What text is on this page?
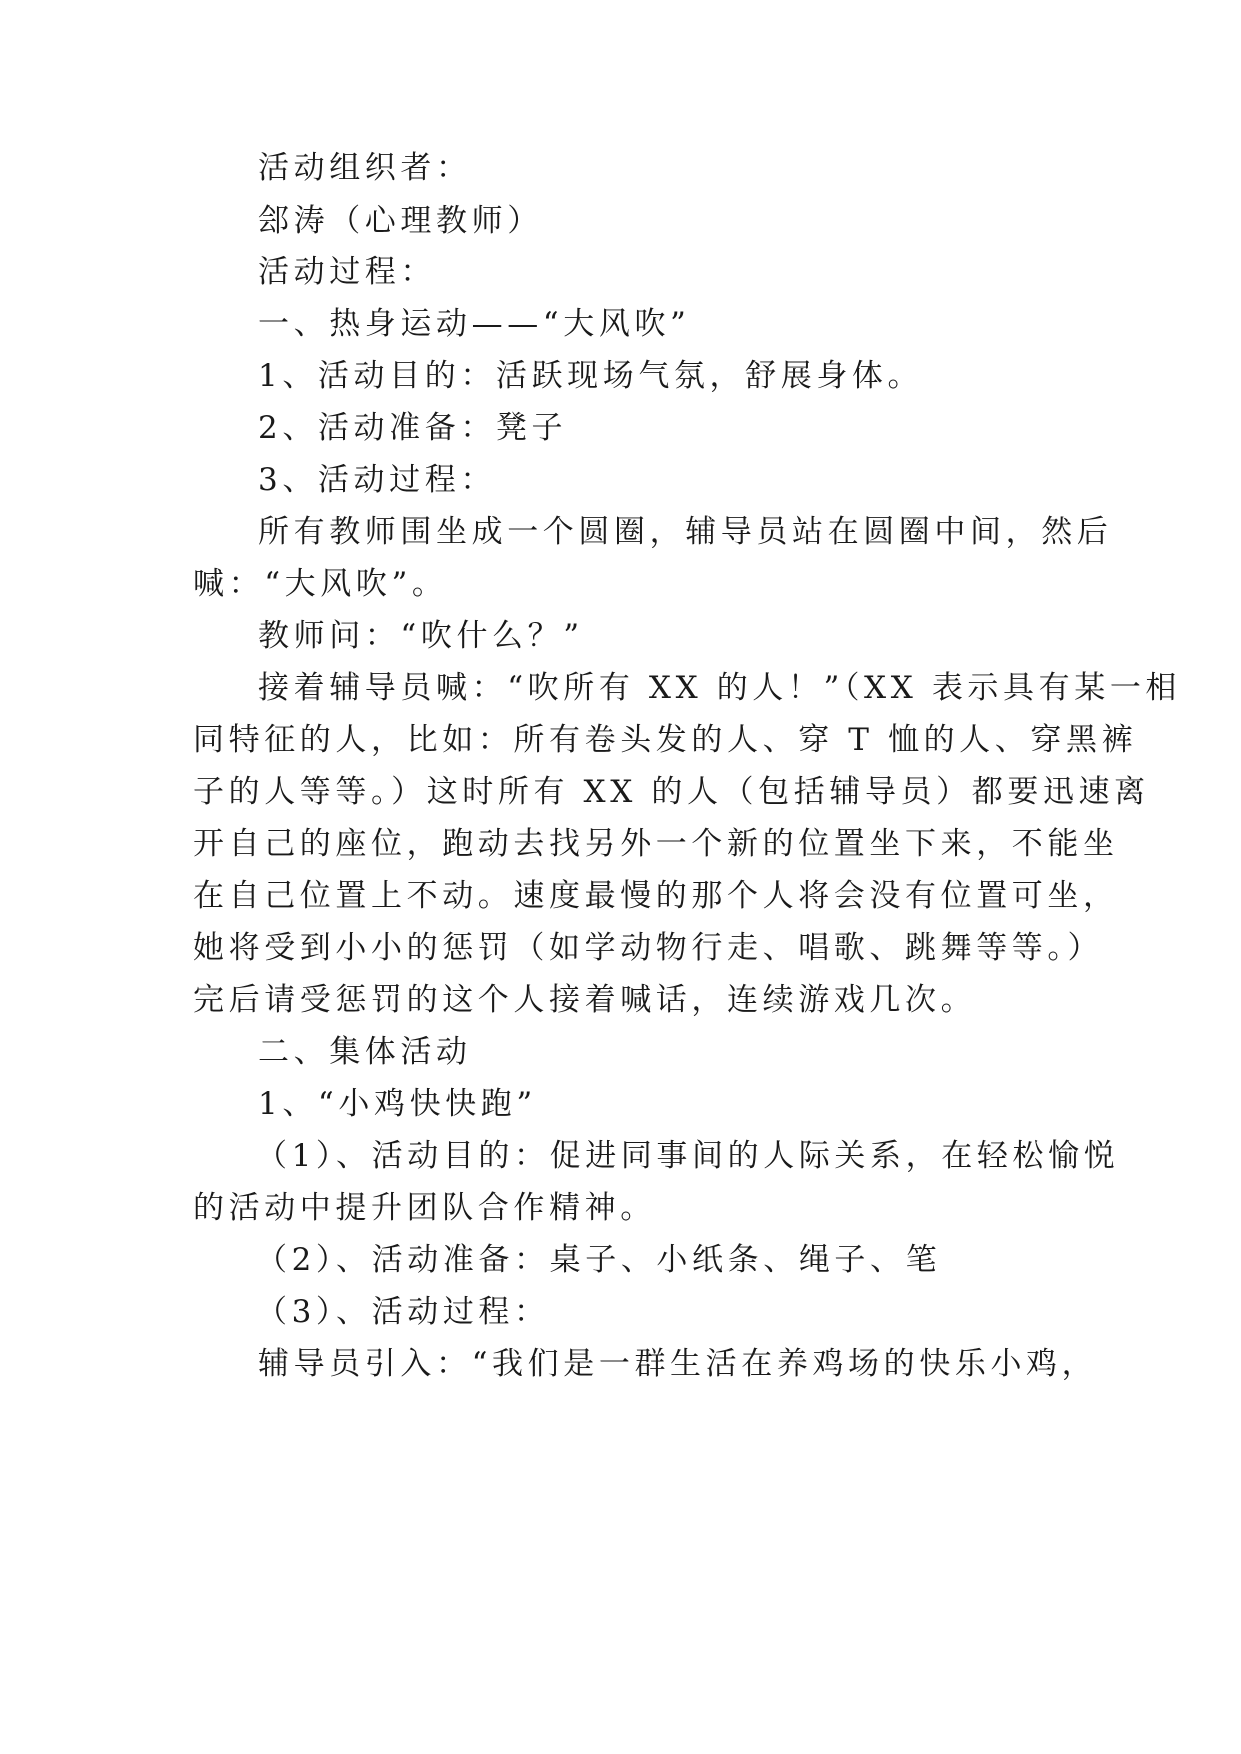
活动组织者：
郐涛（心理教师）
活动过程：
一、热身运动——“大风吹”
1、活动目的：活跃现场气氛，舒展身体。
2、活动准备：凳子
3、活动过程：
所有教师围坐成一个圆圈，辅导员站在圆圈中间，然后
喊：“大风吹”。
教师问：“吹什么？”
接着辅导员喊：“吹所有 XX 的人！”（XX 表示具有某一相
同特征的人，比如：所有卷头发的人、穿 T 恤的人、穿黑裤
子的人等等。）这时所有 XX 的人（包括辅导员）都要迅速离
开自己的座位，跑动去找另外一个新的位置坐下来，不能坐
在自己位置上不动。速度最慢的那个人将会没有位置可坐，
她将受到小小的惩罚（如学动物行走、唱歌、跳舞等等。）
完后请受惩罚的这个人接着喊话，连续游戏几次。
二、集体活动
1、“小鸡快快跑”
（1）、活动目的：促进同事间的人际关系，在轻松愉悦
的活动中提升团队合作精神。
（2）、活动准备：桌子、小纸条、绳子、笔
（3）、活动过程：
辅导员引入：“我们是一群生活在养鸡场的快乐小鸡，
